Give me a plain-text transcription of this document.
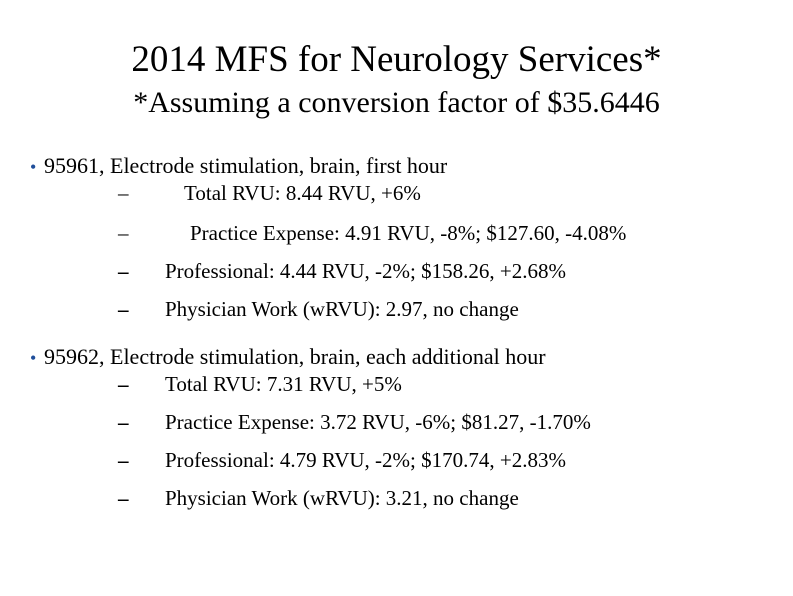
2014 MFS for Neurology Services*
*Assuming a conversion factor of $35.6446
• 95961, Electrode stimulation, brain, first hour
–	Total RVU: 8.44 RVU, +6%
–	Practice Expense: 4.91 RVU, -8%; $127.60, -4.08%
– Professional: 4.44 RVU, -2%; $158.26, +2.68%
– Physician Work (wRVU): 2.97, no change
• 95962, Electrode stimulation, brain, each additional hour
– Total RVU: 7.31 RVU, +5%
– Practice Expense: 3.72 RVU, -6%; $81.27, -1.70%
– Professional: 4.79 RVU, -2%; $170.74, +2.83%
– Physician Work (wRVU): 3.21, no change
